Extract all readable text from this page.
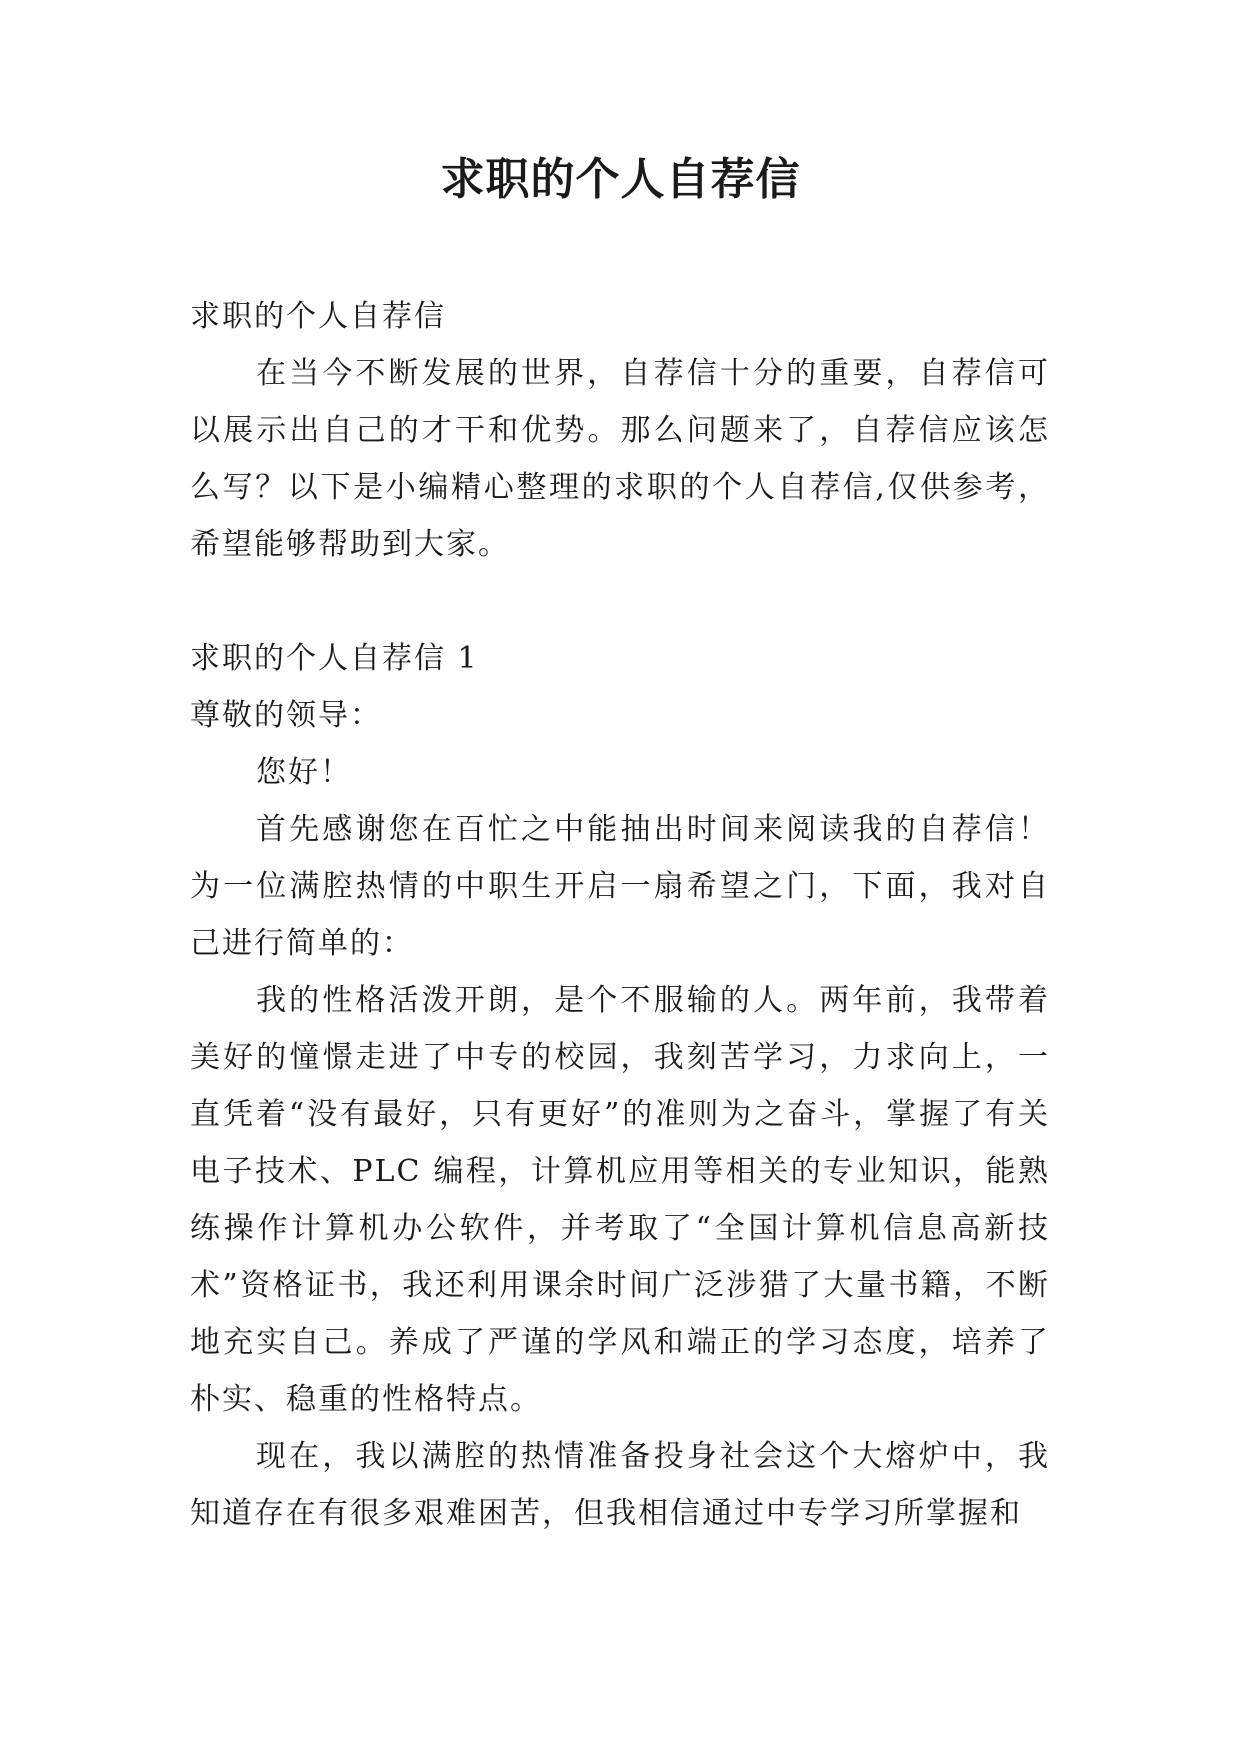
求职的个人自荐信

求职的个人自荐信

在当今不断发展的世界，自荐信十分的重要，自荐信可以展示出自己的才干和优势。那么问题来了，自荐信应该怎么写？以下是小编精心整理的求职的个人自荐信,仅供参考，希望能够帮助到大家。

求职的个人自荐信 1

尊敬的领导：

您好！

首先感谢您在百忙之中能抽出时间来阅读我的自荐信！为一位满腔热情的中职生开启一扇希望之门，下面，我对自己进行简单的：

我的性格活泼开朗，是个不服输的人。两年前，我带着美好的憧憬走进了中专的校园，我刻苦学习，力求向上，一直凭着“没有最好，只有更好”的准则为之奋斗，掌握了有关电子技术、PLC 编程，计算机应用等相关的专业知识，能熟练操作计算机办公软件，并考取了“全国计算机信息高新技术”资格证书，我还利用课余时间广泛涉猎了大量书籍，不断地充实自己。养成了严谨的学风和端正的学习态度，培养了朴实、稳重的性格特点。

现在，我以满腔的热情准备投身社会这个大熔炉中，我知道存在有很多艰难困苦，但我相信通过中专学习所掌握和
